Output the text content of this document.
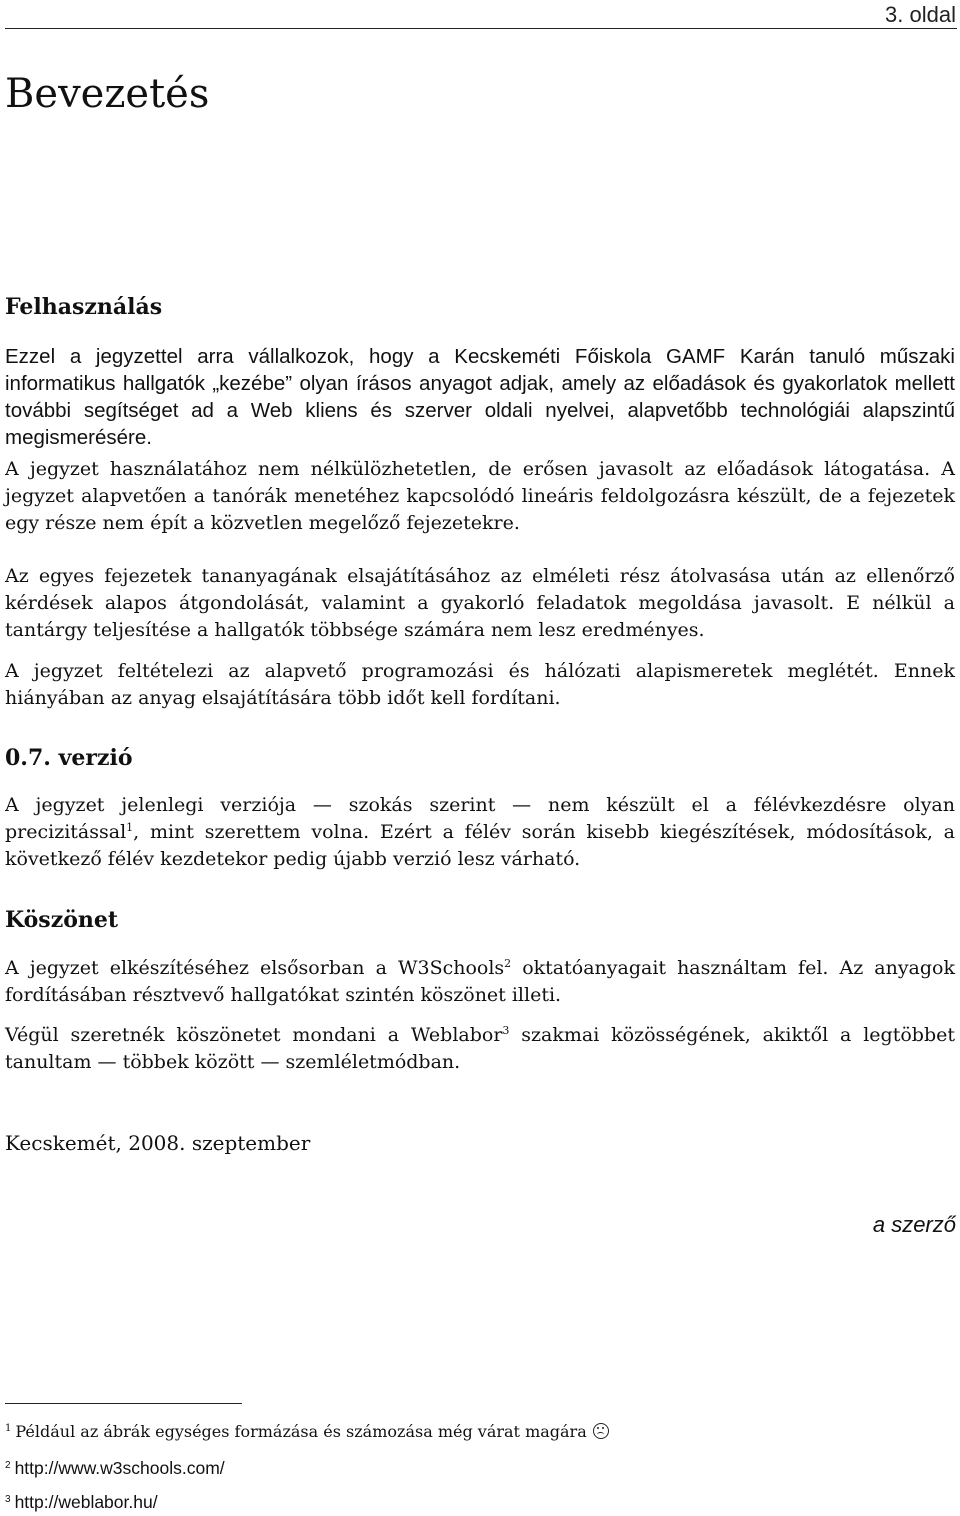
3. oldal
Bevezetés
Felhasználás

Ezzel a jegyzettel arra vállalkozok, hogy a Kecskeméti Főiskola GAMF Karán tanuló műszaki informatikus hallgatók „kezébe” olyan írásos anyagot adjak, amely az előadások és gyakorlatok mellett további segítséget ad a Web kliens és szerver oldali nyelvei, alapvetőbb technológiái alapszintű megismerésére.

A jegyzet használatához nem nélkülözhetetlen, de erősen javasolt az előadások látogatása. A jegyzet alapvetően a tanórák menetéhez kapcsolódó lineáris feldolgozásra készült, de a fejezetek egy része nem épít a közvetlen megelőző fejezetekre.

Az egyes fejezetek tananyagának elsajátításához az elméleti rész átolvasása után az ellenőrző kérdések alapos átgondolását, valamint a gyakorló feladatok megoldása javasolt. E nélkül a tantárgy teljesítése a hallgatók többsége számára nem lesz eredményes.

A jegyzet feltételezi az alapvető programozási és hálózati alapismeretek meglétét. Ennek hiányában az anyag elsajátítására több időt kell fordítani.

0.7. verzió

A jegyzet jelenlegi verziója — szokás szerint — nem készült el a félévkezdésre olyan precizitással$^1$, mint szerettem volna. Ezért a félév során kisebb kiegészítések, módosítások, a következő félév kezdetekor pedig újabb verzió lesz várható.

Köszönet

A jegyzet elkészítéséhez elsősorban a W3Schools$^2$ oktatóanyagait használtam fel. Az anyagok fordításában résztvevő hallgatókat szintén köszönet illeti.

Végül szeretnék köszönetet mondani a Weblabor$^3$ szakmai közösségének, akiktől a legtöbbet tanultam — többek között — szemléletmódban.

Kecskemét, 2008. szeptember

a szerző

$^1$ Például az ábrák egységes formázása és számozása még várat magára

$^2$ http://www.w3schools.com/

$^3$ http://weblabor.hu/
